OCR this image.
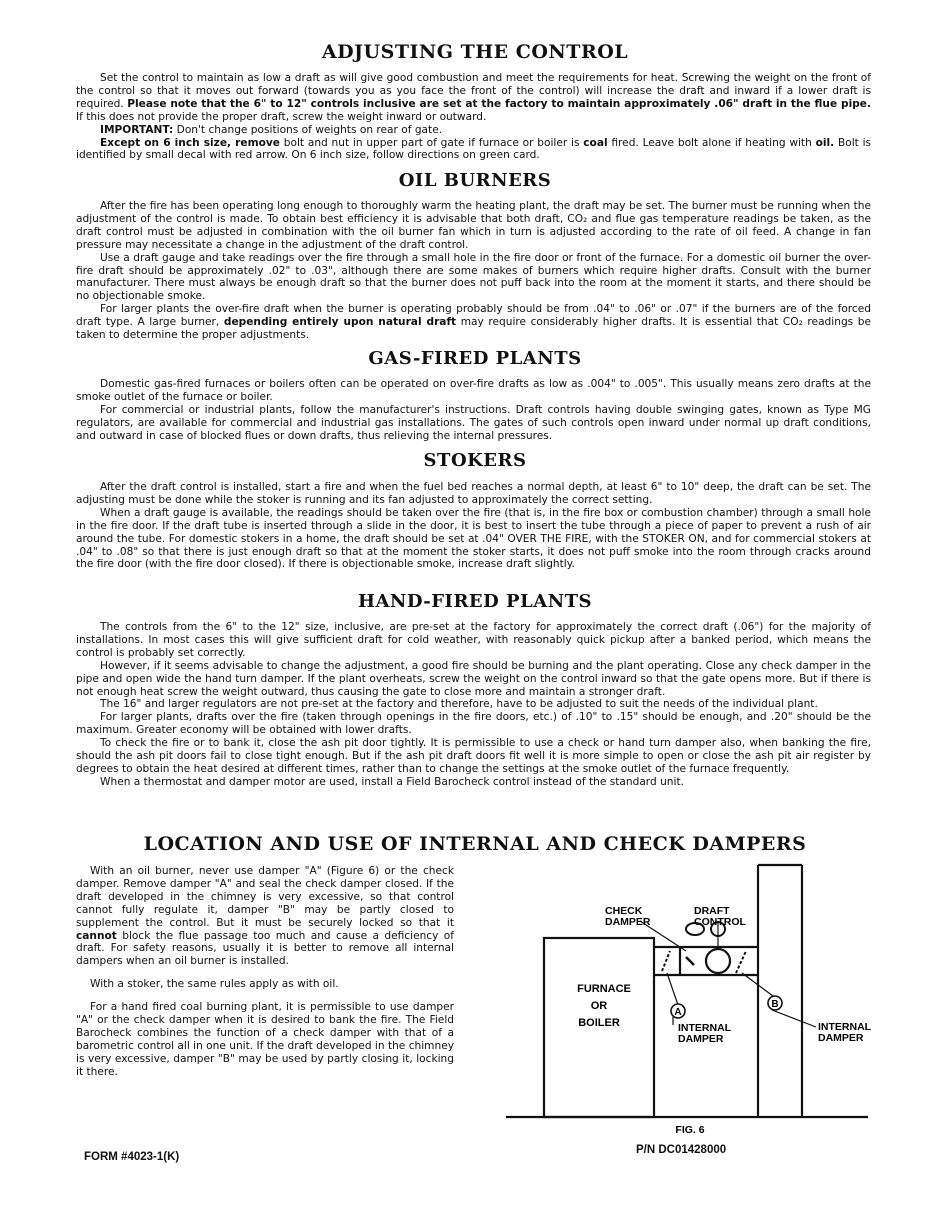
ADJUSTING THE CONTROL

Set the control to maintain as low a draft as will give good combustion and meet the requirements for heat. Screwing the weight on the front of the control so that it moves out forward (towards you as you face the front of the control) will increase the draft and inward if a lower draft is required. Please note that the 6" to 12" controls inclusive are set at the factory to maintain approximately .06" draft in the flue pipe. If this does not provide the proper draft, screw the weight inward or outward.

IMPORTANT: Don't change positions of weights on rear of gate.

Except on 6 inch size, remove bolt and nut in upper part of gate if furnace or boiler is coal fired. Leave bolt alone if heating with oil. Bolt is identified by small decal with red arrow. On 6 inch size, follow directions on green card.

OIL BURNERS

After the fire has been operating long enough to thoroughly warm the heating plant, the draft may be set. The burner must be running when the adjustment of the control is made. To obtain best efficiency it is advisable that both draft, CO₂ and flue gas temperature readings be taken, as the draft control must be adjusted in combination with the oil burner fan which in turn is adjusted according to the rate of oil feed. A change in fan pressure may necessitate a change in the adjustment of the draft control.

Use a draft gauge and take readings over the fire through a small hole in the fire door or front of the furnace. For a domestic oil burner the over-fire draft should be approximately .02" to .03", although there are some makes of burners which require higher drafts. Consult with the burner manufacturer. There must always be enough draft so that the burner does not puff back into the room at the moment it starts, and there should be no objectionable smoke.

For larger plants the over-fire draft when the burner is operating probably should be from .04" to .06" or .07" if the burners are of the forced draft type. A large burner, depending entirely upon natural draft may require considerably higher drafts. It is essential that CO₂ readings be taken to determine the proper adjustments.

GAS-FIRED PLANTS

Domestic gas-fired furnaces or boilers often can be operated on over-fire drafts as low as .004" to .005". This usually means zero drafts at the smoke outlet of the furnace or boiler.

For commercial or industrial plants, follow the manufacturer's instructions. Draft controls having double swinging gates, known as Type MG regulators, are available for commercial and industrial gas installations. The gates of such controls open inward under normal up draft conditions, and outward in case of blocked flues or down drafts, thus relieving the internal pressures.

STOKERS

After the draft control is installed, start a fire and when the fuel bed reaches a normal depth, at least 6" to 10" deep, the draft can be set. The adjusting must be done while the stoker is running and its fan adjusted to approximately the correct setting.

When a draft gauge is available, the readings should be taken over the fire (that is, in the fire box or combustion chamber) through a small hole in the fire door. If the draft tube is inserted through a slide in the door, it is best to insert the tube through a piece of paper to prevent a rush of air around the tube. For domestic stokers in a home, the draft should be set at .04" OVER THE FIRE, with the STOKER ON, and for commercial stokers at .04" to .08" so that there is just enough draft so that at the moment the stoker starts, it does not puff smoke into the room through cracks around the fire door (with the fire door closed). If there is objectionable smoke, increase draft slightly.

HAND-FIRED PLANTS

The controls from the 6" to the 12" size, inclusive, are pre-set at the factory for approximately the correct draft (.06") for the majority of installations. In most cases this will give sufficient draft for cold weather, with reasonably quick pickup after a banked period, which means the control is probably set correctly.

However, if it seems advisable to change the adjustment, a good fire should be burning and the plant operating. Close any check damper in the pipe and open wide the hand turn damper. If the plant overheats, screw the weight on the control inward so that the gate opens more. But if there is not enough heat screw the weight outward, thus causing the gate to close more and maintain a stronger draft.

The 16" and larger regulators are not pre-set at the factory and therefore, have to be adjusted to suit the needs of the individual plant.

For larger plants, drafts over the fire (taken through openings in the fire doors, etc.) of .10" to .15" should be enough, and .20" should be the maximum. Greater economy will be obtained with lower drafts.

To check the fire or to bank it, close the ash pit door tightly. It is permissible to use a check or hand turn damper also, when banking the fire, should the ash pit doors fail to close tight enough. But if the ash pit draft doors fit well it is more simple to open or close the ash pit air register by degrees to obtain the heat desired at different times, rather than to change the settings at the smoke outlet of the furnace frequently.

When a thermostat and damper motor are used, install a Field Barocheck control instead of the standard unit.

LOCATION AND USE OF INTERNAL AND CHECK DAMPERS

With an oil burner, never use damper "A" (Figure 6) or the check damper. Remove damper "A" and seal the check damper closed. If the draft developed in the chimney is very excessive, so that control cannot fully regulate it, damper "B" may be partly closed to supplement the control. But it must be securely locked so that it cannot block the flue passage too much and cause a deficiency of draft. For safety reasons, usually it is better to remove all internal dampers when an oil burner is installed.

With a stoker, the same rules apply as with oil.

For a hand fired coal burning plant, it is permissible to use damper "A" or the check damper when it is desired to bank the fire. The Field Barocheck combines the function of a check damper with that of a barometric control all in one unit. If the draft developed in the chimney is very excessive, damper "B" may be used by partly closing it, locking it there.

A
B
CHECK
DAMPER
DRAFT
CONTROL
FURNACE
OR
BOILER	INTERNAL
DAMPER
INTERNAL
DAMPER
FIG. 6
FORM #4023-1(K)
P/N DC01428000
